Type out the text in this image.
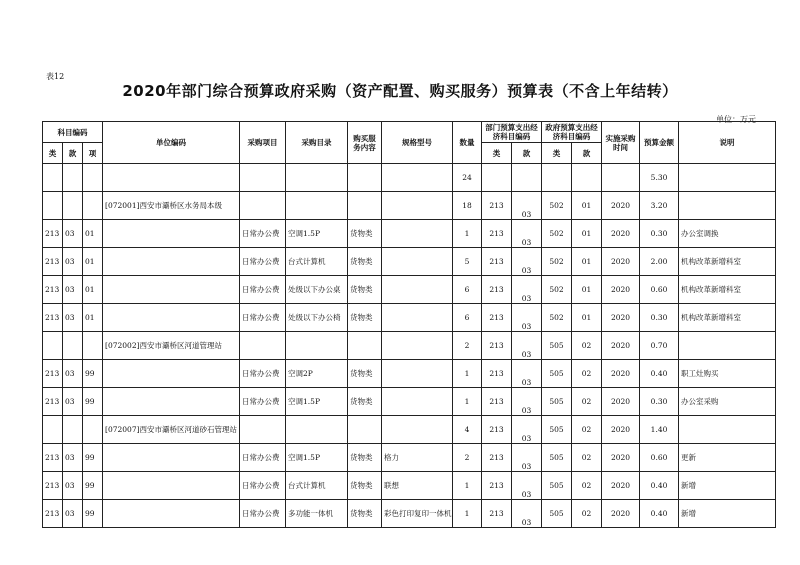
表12
2020年部门综合预算政府采购（资产配置、购买服务）预算表（不含上年结转）
单位：万元
科目编码			单位编码	采购项目	采购目录	购买服务内容	规格型号	数量	部门预算支出经济科目编码		政府预算支出经济科目编码		实施采购时间	预算金额	说明
类	款	项							类	款	类	款			
								24						5.30	
			[072001]西安市灞桥区水务局本级					18	213	03	502	01	2020	3.20	
213	03	01		日常办公费	空调1.5P	货物类		1	213	03	502	01	2020	0.30	办公室调换
213	03	01		日常办公费	台式计算机	货物类		5	213	03	502	01	2020	2.00	机构改革新增科室
213	03	01		日常办公费	处级以下办公桌	货物类		6	213	03	502	01	2020	0.60	机构改革新增科室
213	03	01		日常办公费	处级以下办公椅	货物类		6	213	03	502	01	2020	0.30	机构改革新增科室
			[072002]西安市灞桥区河道管理站					2	213	03	505	02	2020	0.70	
213	03	99		日常办公费	空调2P	货物类		1	213	03	505	02	2020	0.40	职工灶购买
213	03	99		日常办公费	空调1.5P	货物类		1	213	03	505	02	2020	0.30	办公室采购
			[072007]西安市灞桥区河道砂石管理站					4	213	03	505	02	2020	1.40	
213	03	99		日常办公费	空调1.5P	货物类	格力	2	213	03	505	02	2020	0.60	更新
213	03	99		日常办公费	台式计算机	货物类	联想	1	213	03	505	02	2020	0.40	新增
213	03	99		日常办公费	多功能一体机	货物类	彩色打印复印一体机	1	213	03	505	02	2020	0.40	新增
